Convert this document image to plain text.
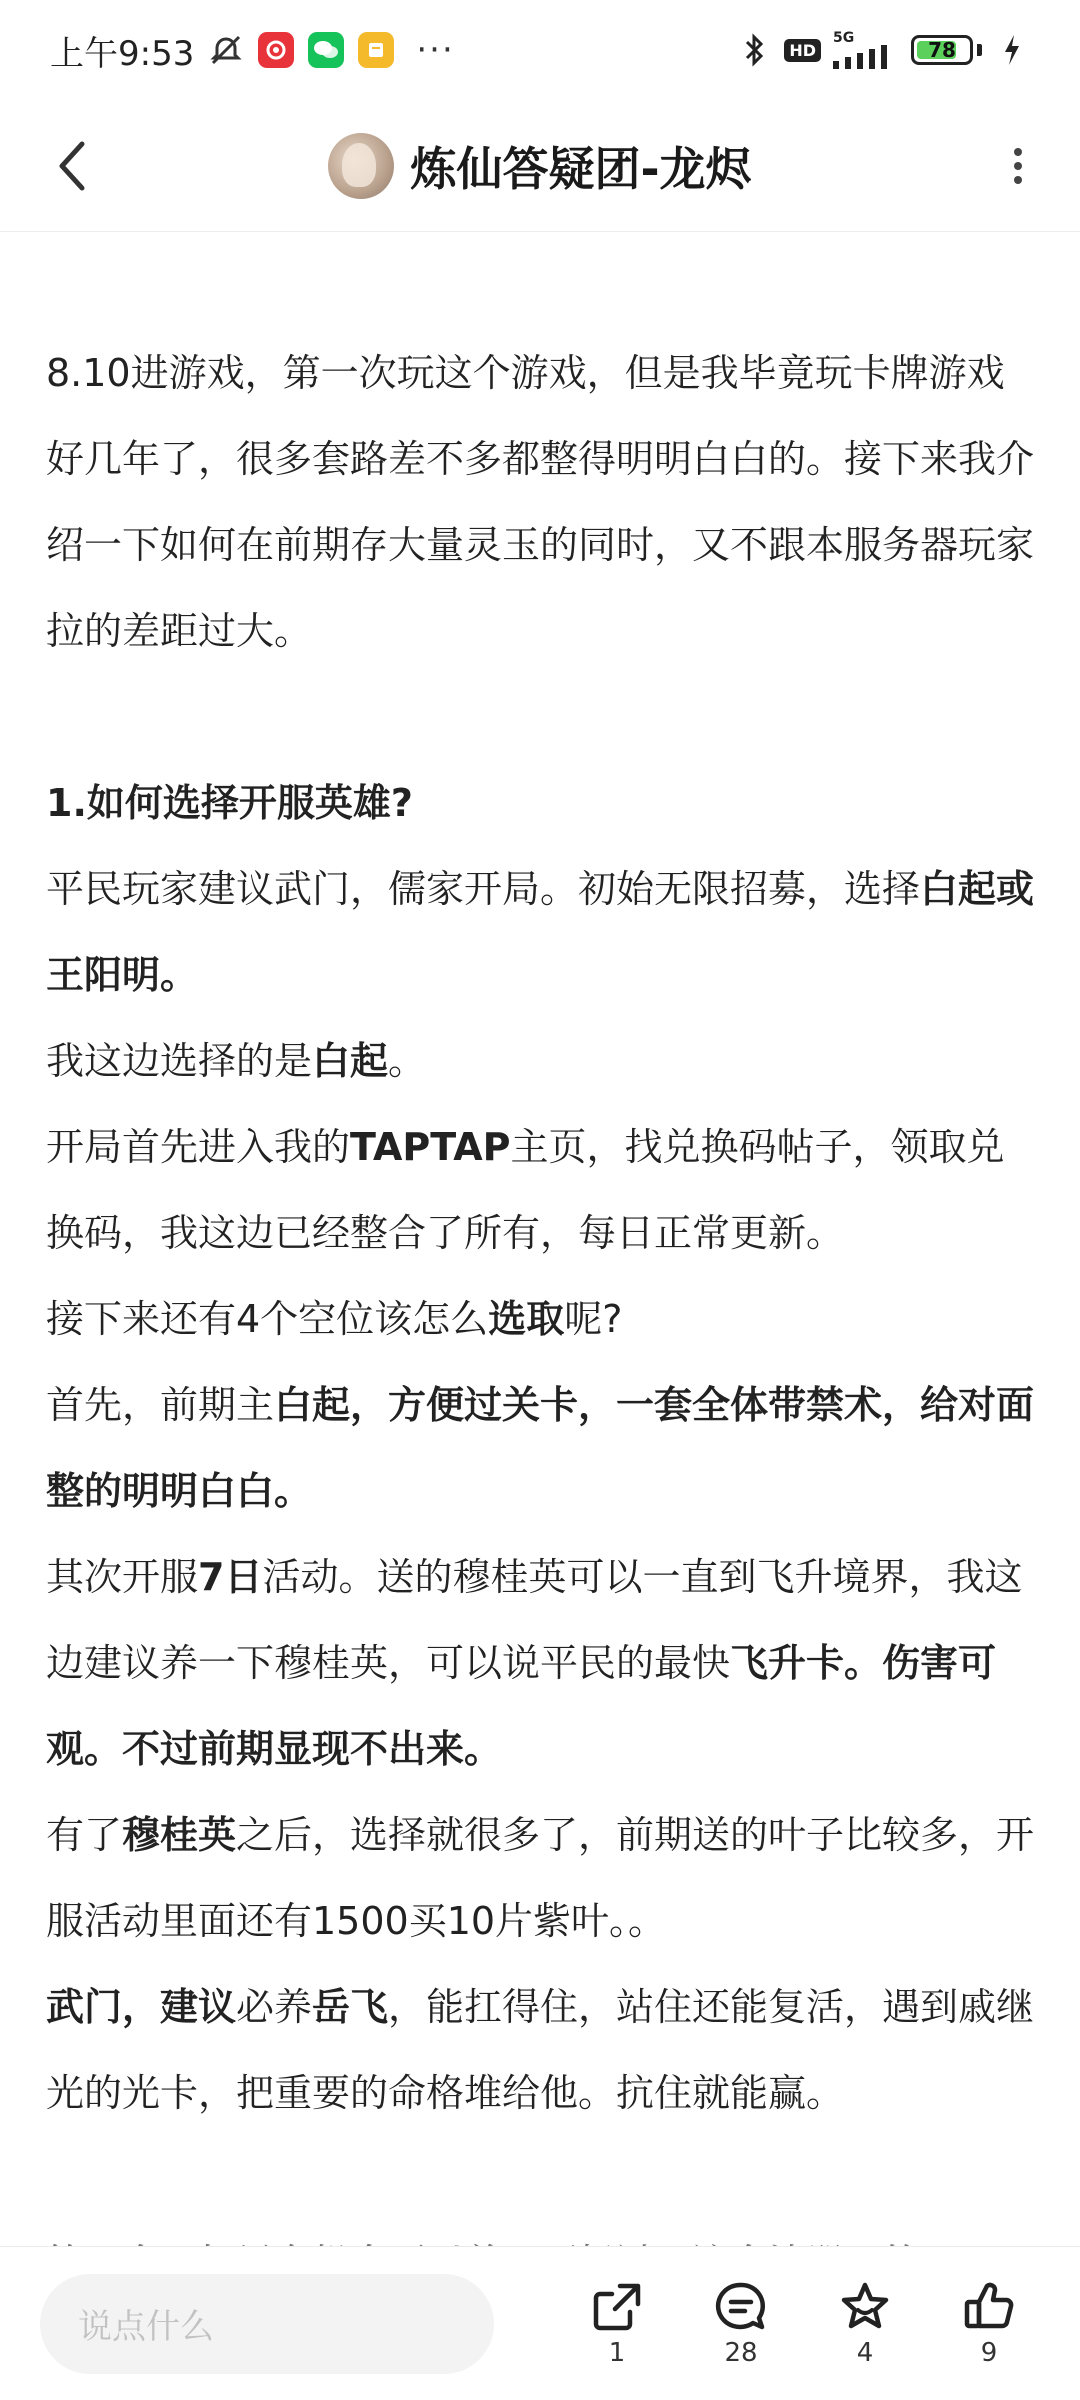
上午9:53	···	HD
5G	78
炼仙答疑团-龙烬

8.10进游戏，第一次玩这个游戏，但是我毕竟玩卡牌游戏好几年了，很多套路差不多都整得明明白白的。接下来我介绍一下如何在前期存大量灵玉的同时，又不跟本服务器玩家拉的差距过大。

1.如何选择开服英雄?

平民玩家建议武门，儒家开局。初始无限招募，选择白起或王阳明。

我这边选择的是白起。

开局首先进入我的TAPTAP主页，找兑换码帖子，领取兑换码，我这边已经整合了所有，每日正常更新。

接下来还有4个空位该怎么选取呢?

首先，前期主白起，方便过关卡，一套全体带禁术，给对面整的明明白白。

其次开服7日活动。送的穆桂英可以一直到飞升境界，我这边建议养一下穆桂英，可以说平民的最快飞升卡。伤害可观。不过前期显现不出来。

有了穆桂英之后，选择就很多了，前期送的叶子比较多，开服活动里面还有1500买10片紫叶。。

武门，建议必养岳飞，能扛得住，站住还能复活，遇到戚继光的光卡，把重要的命格堆给他。抗住就能赢。

说点什么
1	28	4	9
